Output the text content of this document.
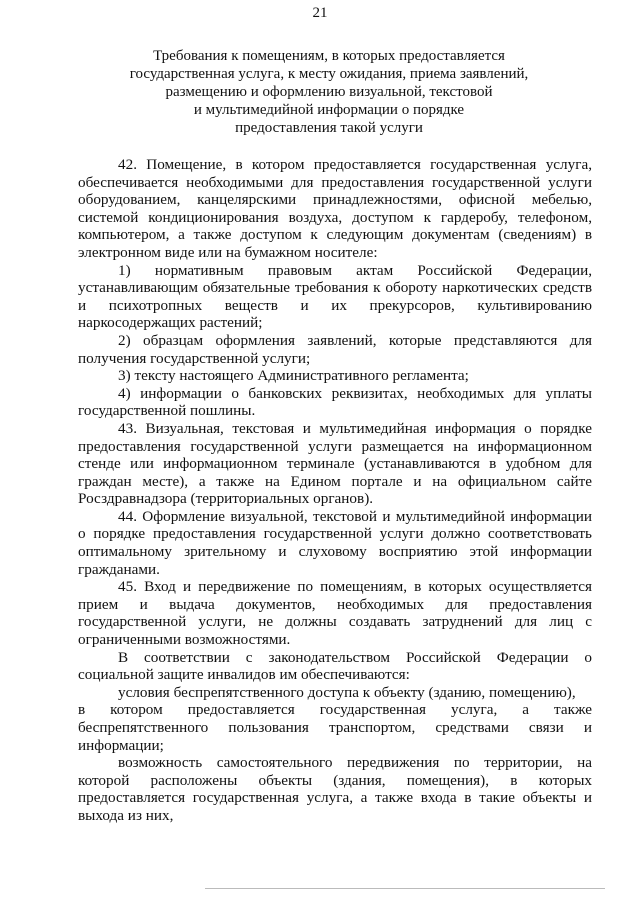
21
Требования к помещениям, в которых предоставляется
государственная услуга, к месту ожидания, приема заявлений,
размещению и оформлению визуальной, текстовой
и мультимедийной информации о порядке
предоставления такой услуги

42. Помещение, в котором предоставляется государственная услуга, обеспечивается необходимыми для предоставления государственной услуги оборудованием, канцелярскими принадлежностями, офисной мебелью, системой кондиционирования воздуха, доступом к гардеробу, телефоном, компьютером, а также доступом к следующим документам (сведениям) в электронном виде или на бумажном носителе:

1) нормативным правовым актам Российской Федерации, устанавливающим обязательные требования к обороту наркотических средств и психотропных веществ и их прекурсоров, культивированию наркосодержащих растений;

2) образцам оформления заявлений, которые представляются для получения государственной услуги;

3) тексту настоящего Административного регламента;

4) информации о банковских реквизитах, необходимых для уплаты государственной пошлины.

43. Визуальная, текстовая и мультимедийная информация о порядке предоставления государственной услуги размещается на информационном стенде или информационном терминале (устанавливаются в удобном для граждан месте), а также на Едином портале и на официальном сайте Росздравнадзора (территориальных органов).

44. Оформление визуальной, текстовой и мультимедийной информации о порядке предоставления государственной услуги должно соответствовать оптимальному зрительному и слуховому восприятию этой информации гражданами.

45. Вход и передвижение по помещениям, в которых осуществляется прием и выдача документов, необходимых для предоставления государственной услуги, не должны создавать затруднений для лиц с ограниченными возможностями.

В соответствии с законодательством Российской Федерации о социальной защите инвалидов им обеспечиваются:

условия беспрепятственного доступа к объекту (зданию, помещению),

в котором предоставляется государственная услуга, а также беспрепятственного пользования транспортом, средствами связи и информации;

возможность самостоятельного передвижения по территории, на которой расположены объекты (здания, помещения), в которых предоставляется государственная услуга, а также входа в такие объекты и выхода из них,
